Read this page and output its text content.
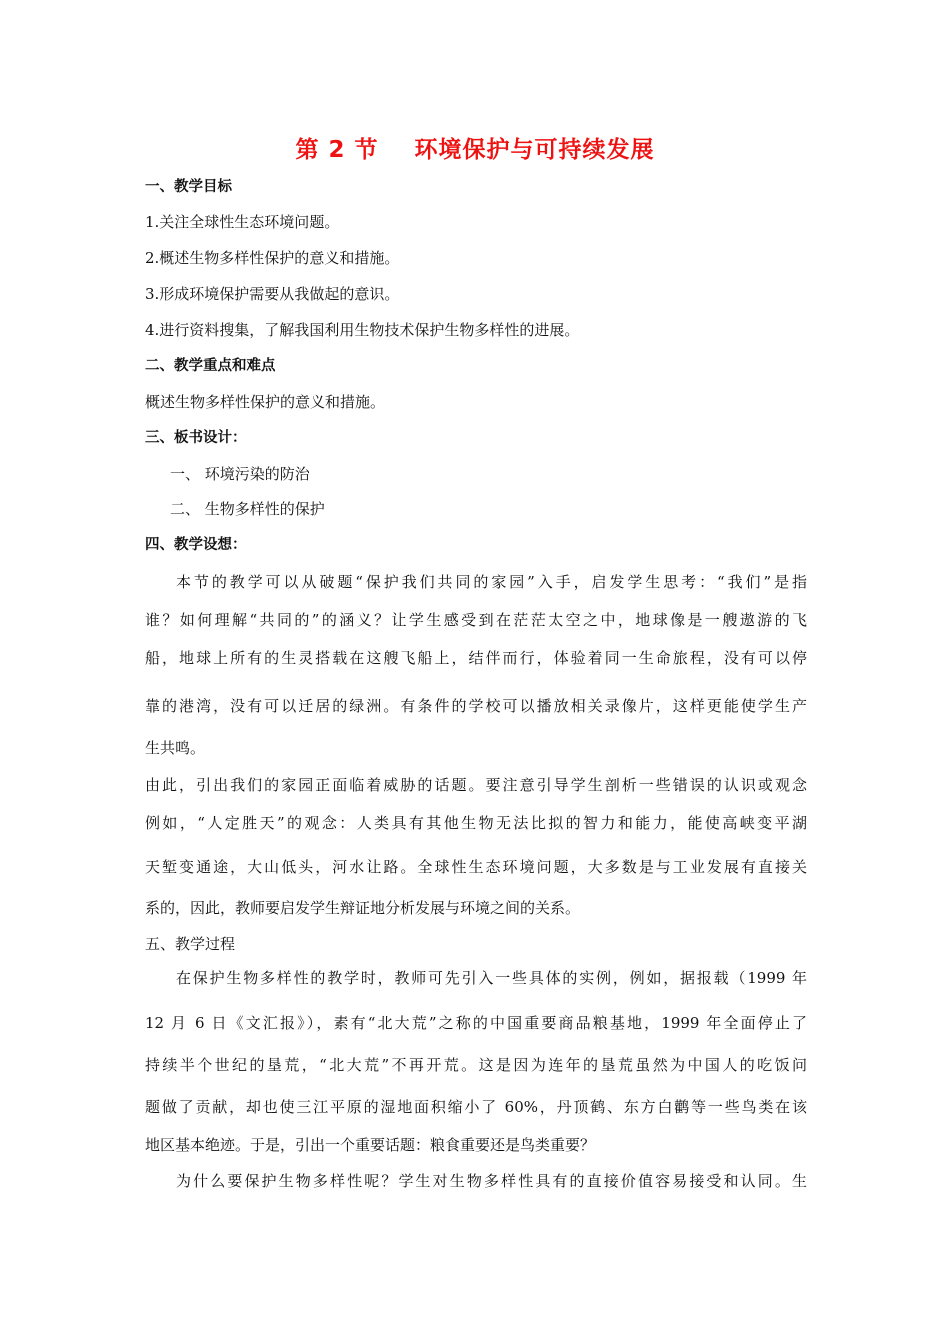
第 2 节    环境保护与可持续发展
一、教学目标
1.关注全球性生态环境问题。
2.概述生物多样性保护的意义和措施。
3.形成环境保护需要从我做起的意识。
4.进行资料搜集，了解我国利用生物技术保护生物多样性的进展。
二、教学重点和难点
概述生物多样性保护的意义和措施。
三、板书设计：
一、 环境污染的防治
二、 生物多样性的保护
四、教学设想：
本节的教学可以从破题“保护我们共同的家园”入手，启发学生思考：“我们”是指
谁？如何理解“共同的”的涵义？让学生感受到在茫茫太空之中，地球像是一艘遨游的飞
船，地球上所有的生灵搭载在这艘飞船上，结伴而行，体验着同一生命旅程，没有可以停
靠的港湾，没有可以迁居的绿洲。有条件的学校可以播放相关录像片，这样更能使学生产
生共鸣。
由此，引出我们的家园正面临着威胁的话题。要注意引导学生剖析一些错误的认识或观念
例如，“人定胜天”的观念：人类具有其他生物无法比拟的智力和能力，能使高峡变平湖
天堑变通途，大山低头，河水让路。全球性生态环境问题，大多数是与工业发展有直接关
系的，因此，教师要启发学生辩证地分析发展与环境之间的关系。
五、教学过程
在保护生物多样性的教学时，教师可先引入一些具体的实例，例如，据报载（1999 年
12 月 6 日《文汇报》），素有“北大荒”之称的中国重要商品粮基地，1999 年全面停止了
持续半个世纪的垦荒，“北大荒”不再开荒。这是因为连年的垦荒虽然为中国人的吃饭问
题做了贡献，却也使三江平原的湿地面积缩小了 60%，丹顶鹤、东方白鹳等一些鸟类在该
地区基本绝迹。于是，引出一个重要话题：粮食重要还是鸟类重要？
为什么要保护生物多样性呢？学生对生物多样性具有的直接价值容易接受和认同。生
